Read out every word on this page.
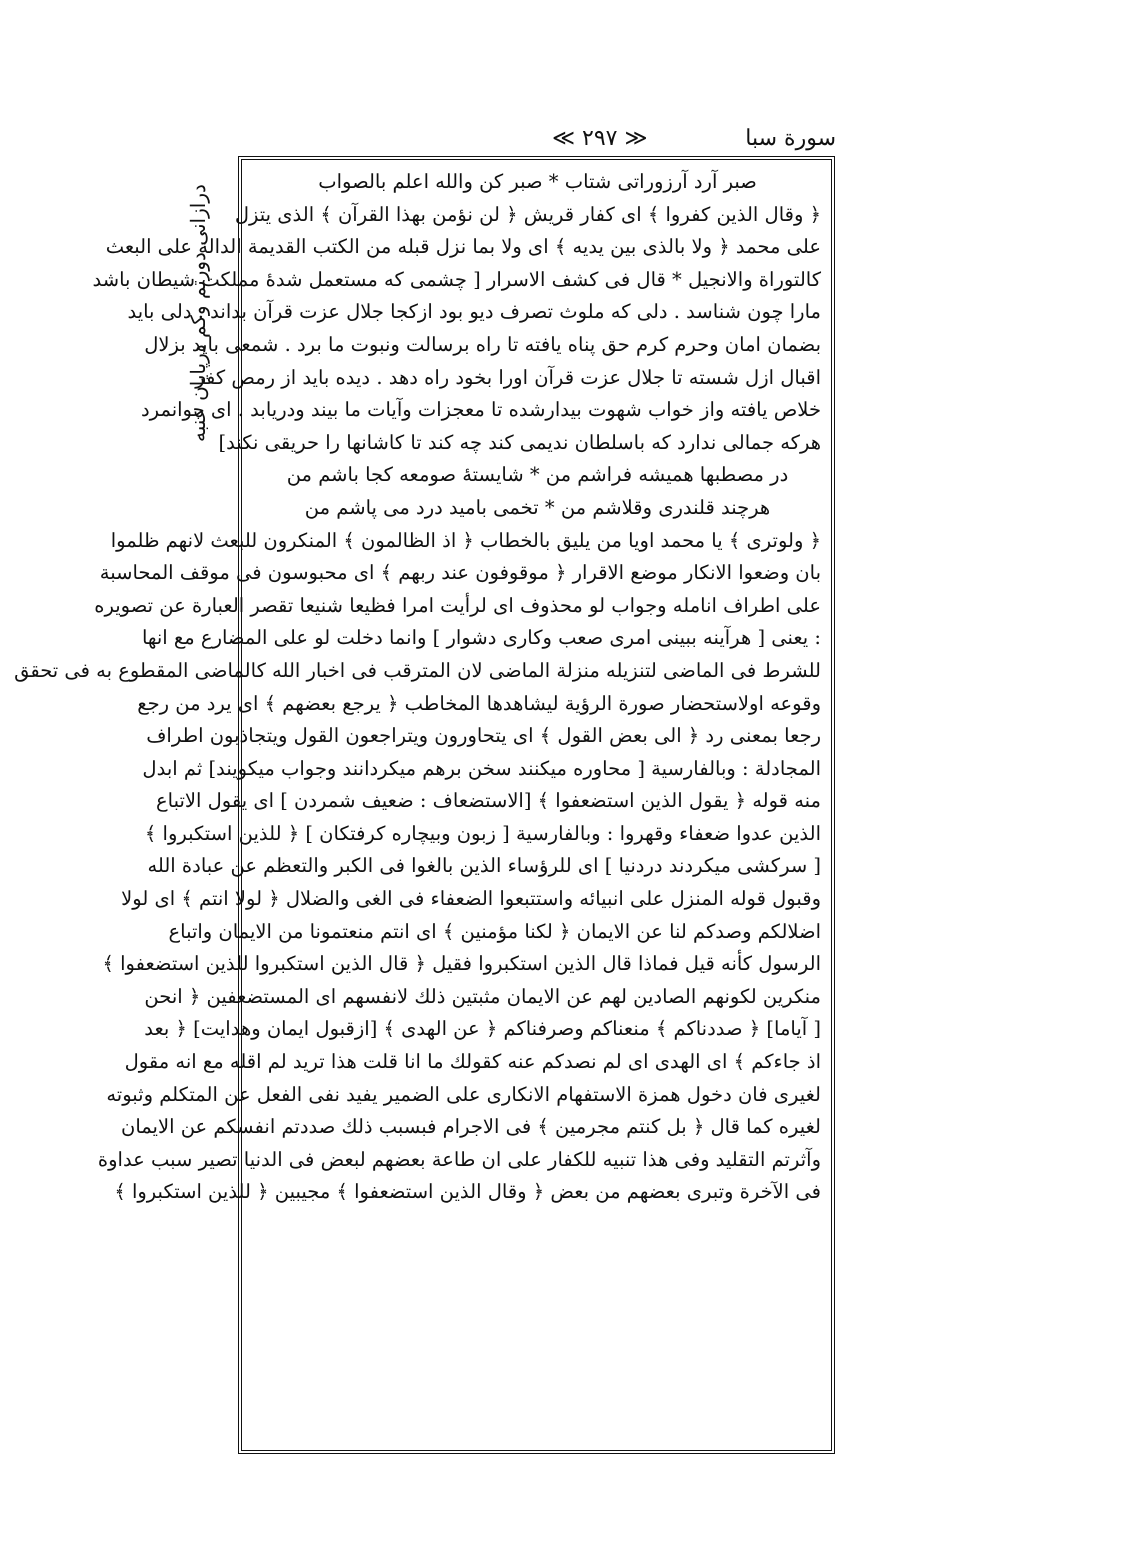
≪ ٢٩٧ ≫	سورة سبا
درازانی دورتم وکم درپایان عنبه
صبر آرد آرزوراتی شتاب * صبر کن والله اعلم بالصواب
﴿ وقال الذين كفروا ﴾ اى كفار قريش ﴿ لن نؤمن بهذا القرآن ﴾ الذى يتزل
على محمد ﴿ ولا بالذى بين يديه ﴾ اى ولا بما نزل قبله من الكتب القديمة الدالة على البعث
كالتوراة والانجيل * قال فى كشف الاسرار [ چشمى كه مستعمل شدۀ مملكت شيطان باشد
مارا چون شناسد . دلى كه ملوث تصرف ديو بود ازكجا جلال عزت قرآن بداند . دلى بايد
بضمان امان وحرم كرم حق پناه يافته تا راه برسالت ونبوت ما برد . شمعى بايد بزلال
اقبال ازل شسته تا جلال عزت قرآن اورا بخود راه دهد . ديده بايد از رمص كفر
خلاص يافته واز خواب شهوت بيدارشده تا معجزات وآيات ما بيند ودريابد . اى جوانمرد
هركه جمالى ندارد كه باسلطان نديمى كند چه كند تا كاشانها را حريقى نكند]
در مصطبها هميشه فراشم من * شايستۀ صومعه كجا باشم من
هرچند قلندرى وقلاشم من * تخمى باميد درد مى پاشم من
﴿ ولوترى ﴾ يا محمد اويا من يليق بالخطاب ﴿ اذ الظالمون ﴾ المنكرون للبعث لانهم ظلموا
بان وضعوا الانكار موضع الاقرار ﴿ موقوفون عند ربهم ﴾ اى محبوسون فى موقف المحاسبة
على اطراف انامله وجواب لو محذوف اى لرأيت امرا فظيعا شنيعا تقصر العبارة عن تصويره
: يعنى [ هرآينه ببينى امرى صعب وكارى دشوار ] وانما دخلت لو على المضارع مع انها
للشرط فى الماضى لتنزيله منزلة الماضى لان المترقب فى اخبار الله كالماضى المقطوع به فى تحقق
وقوعه اولاستحضار صورة الرؤية ليشاهدها المخاطب ﴿ يرجع بعضهم ﴾ اى يرد من رجع
رجعا بمعنى رد ﴿ الى بعض القول ﴾ اى يتحاورون ويتراجعون القول ويتجاذبون اطراف
المجادلة : وبالفارسية [ محاوره ميكنند سخن برهم ميكردانند وجواب ميكويند] ثم ابدل
منه قوله ﴿ يقول الذين استضعفوا ﴾ [الاستضعاف : ضعيف شمردن ] اى يقول الاتباع
الذين عدوا ضعفاء وقهروا : وبالفارسية [ زبون وبيچاره كرفتكان ] ﴿ للذين استكبروا ﴾
[ سركشى ميكردند دردنيا ] اى للرؤساء الذين بالغوا فى الكبر والتعظم عن عبادة الله
وقبول قوله المنزل على انبيائه واستتبعوا الضعفاء فى الغى والضلال ﴿ لولا انتم ﴾ اى لولا
اضلالكم وصدكم لنا عن الايمان ﴿ لكنا مؤمنين ﴾ اى انتم منعتمونا من الايمان واتباع
الرسول كأنه قيل فماذا قال الذين استكبروا فقيل ﴿ قال الذين استكبروا للذين استضعفوا ﴾
منكرين لكونهم الصادين لهم عن الايمان مثبتين ذلك لانفسهم اى المستضعفين ﴿ انحن
[ آياما] ﴿ صددناكم ﴾ منعناكم وصرفناكم ﴿ عن الهدى ﴾ [ازقبول ايمان وهدايت] ﴿ بعد
اذ جاءكم ﴾ اى الهدى اى لم نصدكم عنه كقولك ما انا قلت هذا تريد لم اقله مع انه مقول
لغيرى فان دخول همزة الاستفهام الانكارى على الضمير يفيد نفى الفعل عن المتكلم وثبوته
لغيره كما قال ﴿ بل كنتم مجرمين ﴾ فى الاجرام فبسبب ذلك صددتم انفسكم عن الايمان
وآثرتم التقليد وفى هذا تنبيه للكفار على ان طاعة بعضهم لبعض فى الدنيا تصير سبب عداوة
فى الآخرة وتبرى بعضهم من بعض ﴿ وقال الذين استضعفوا ﴾ مجيبين ﴿ للذين استكبروا ﴾
